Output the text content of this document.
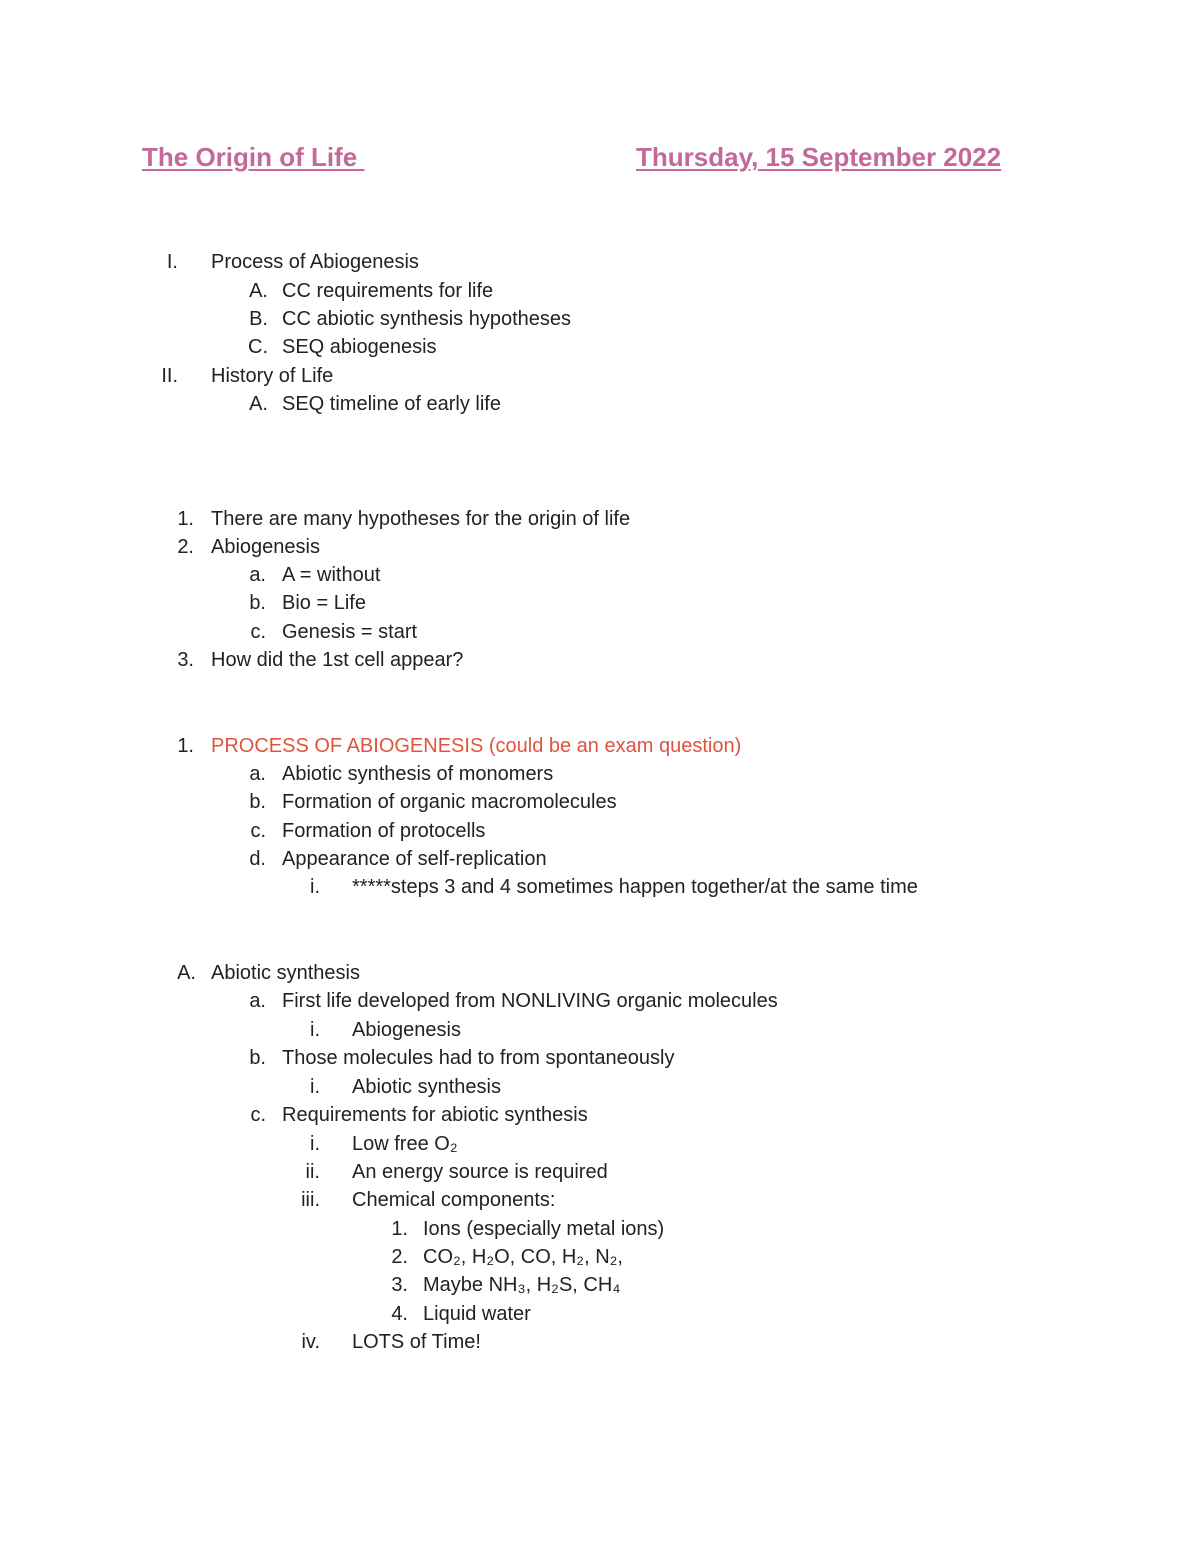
The Origin of Life	Thursday, 15 September 2022
I. Process of Abiogenesis
A. CC requirements for life
B. CC abiotic synthesis hypotheses
C. SEQ abiogenesis
II. History of Life
A. SEQ timeline of early life
1. There are many hypotheses for the origin of life
2. Abiogenesis
a. A = without
b. Bio = Life
c. Genesis = start
3. How did the 1st cell appear?
1. PROCESS OF ABIOGENESIS (could be an exam question)
a. Abiotic synthesis of monomers
b. Formation of organic macromolecules
c. Formation of protocells
d. Appearance of self-replication
i. *****steps 3 and 4 sometimes happen together/at the same time
A. Abiotic synthesis
a. First life developed from NONLIVING organic molecules
i. Abiogenesis
b. Those molecules had to from spontaneously
i. Abiotic synthesis
c. Requirements for abiotic synthesis
i. Low free O₂
ii. An energy source is required
iii. Chemical components:
1. Ions (especially metal ions)
2. CO₂, H₂O, CO, H₂, N₂,
3. Maybe NH₃, H₂S, CH₄
4. Liquid water
iv. LOTS of Time!
